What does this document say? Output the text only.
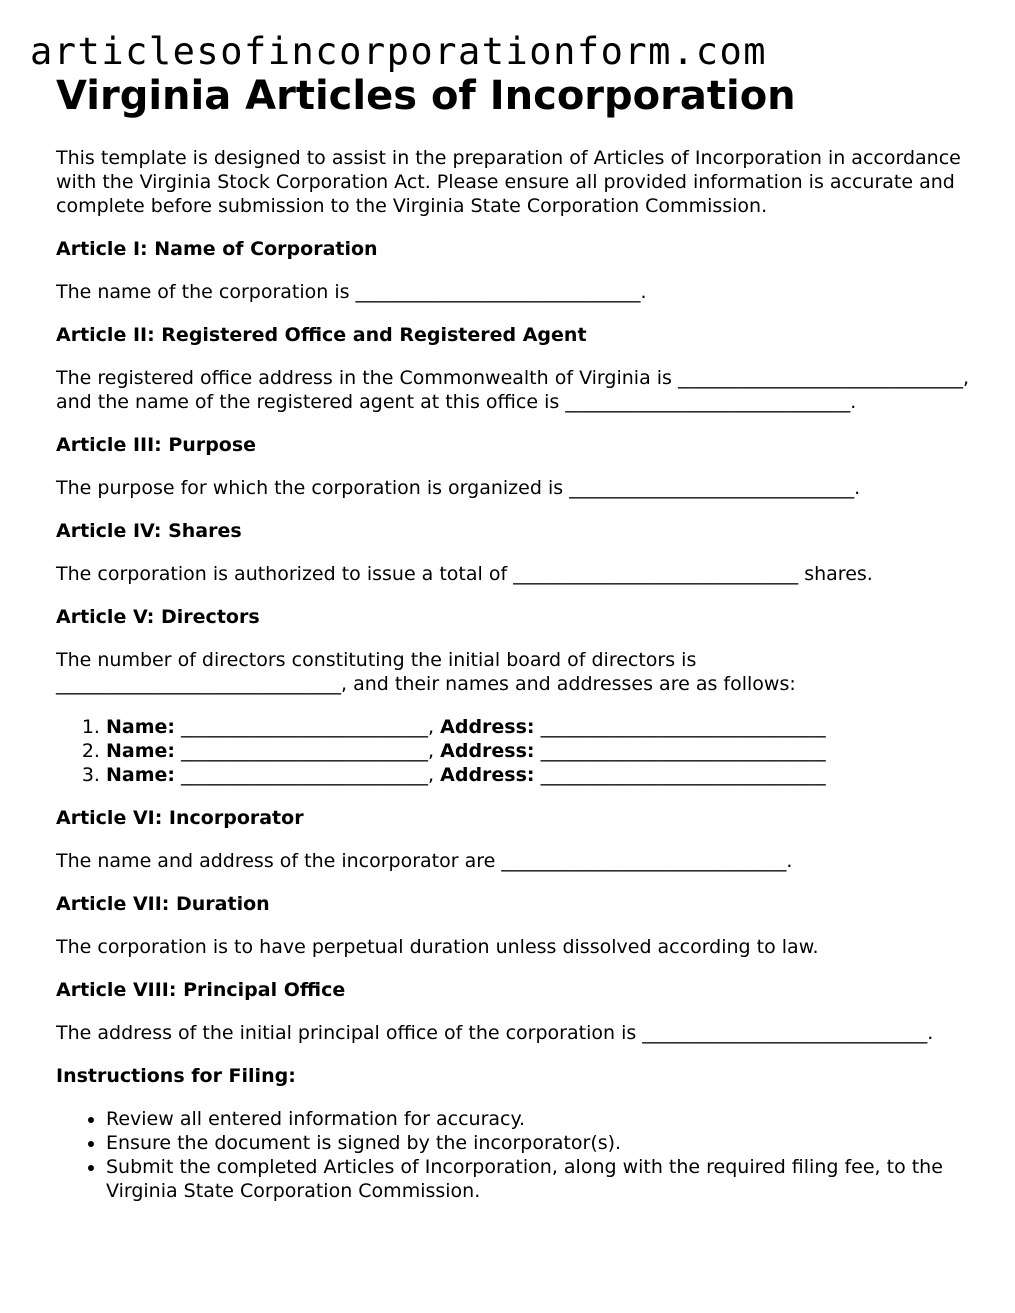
articlesofincorporationform.com
Virginia Articles of Incorporation

This template is designed to assist in the preparation of Articles of Incorporation in accordance with the Virginia Stock Corporation Act. Please ensure all provided information is accurate and complete before submission to the Virginia State Corporation Commission.

Article I: Name of Corporation

The name of the corporation is ______________________________.

Article II: Registered Office and Registered Agent

The registered office address in the Commonwealth of Virginia is ______________________________, and the name of the registered agent at this office is ______________________________.

Article III: Purpose

The purpose for which the corporation is organized is ______________________________.

Article IV: Shares

The corporation is authorized to issue a total of ______________________________ shares.

Article V: Directors

The number of directors constituting the initial board of directors is ______________________________, and their names and addresses are as follows:

1. Name: __________________________, Address: ______________________________
2. Name: __________________________, Address: ______________________________
3. Name: __________________________, Address: ______________________________

Article VI: Incorporator

The name and address of the incorporator are ______________________________.

Article VII: Duration

The corporation is to have perpetual duration unless dissolved according to law.

Article VIII: Principal Office

The address of the initial principal office of the corporation is ______________________________.

Instructions for Filing:

• Review all entered information for accuracy.
• Ensure the document is signed by the incorporator(s).
• Submit the completed Articles of Incorporation, along with the required filing fee, to the Virginia State Corporation Commission.
